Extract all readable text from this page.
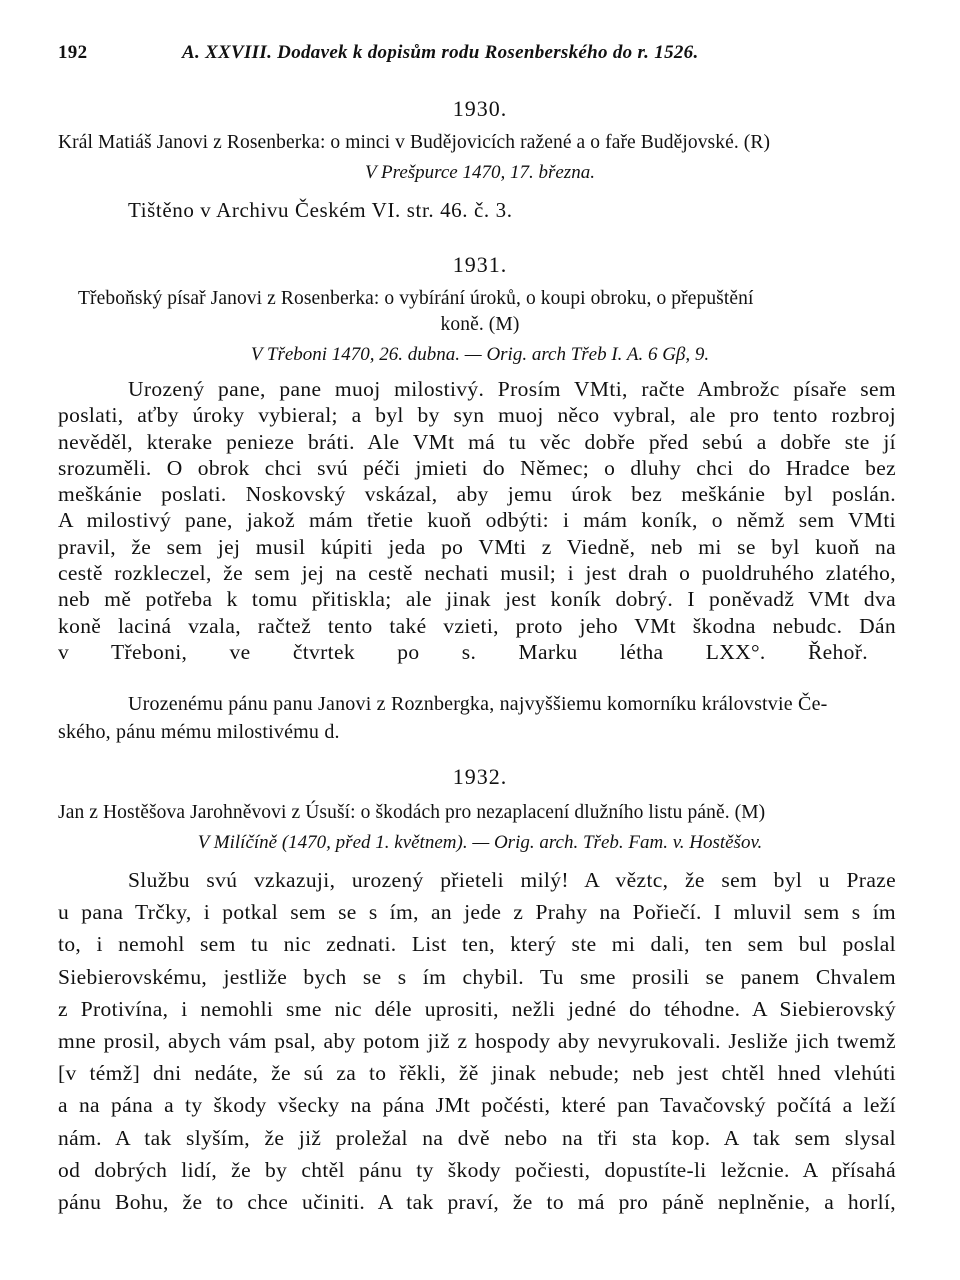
192	A. XXVIII. Dodavek k dopisům rodu Rosenberského do r. 1526.
1930.
Král Matiáš Janovi z Rosenberka: o minci v Budějovicích ražené a o faře Budějovské. (R)
V Prešpurce 1470, 17. března.
Tištěno v Archivu Českém VI. str. 46. č. 3.
1931.
Třeboňský písař Janovi z Rosenberka: o vybírání úroků, o koupi obroku, o přepuštění
koně. (M)
V Třeboni 1470, 26. dubna. — Orig. arch Třeb I. A. 6 Gβ, 9.
Urozený pane, pane muoj milostivý. Prosím VMti, račte Ambrožc písaře sem
poslati, aťby úroky vybieral; a byl by syn muoj něco vybral, ale pro tento rozbroj
nevěděl, kterake penieze bráti. Ale VMt má tu věc dobře před sebú a dobře ste jí
srozuměli. O obrok chci svú péči jmieti do Němec; o dluhy chci do Hradce bez
meškánie poslati. Noskovský vskázal, aby jemu úrok bez meškánie byl poslán.
A milostivý pane, jakož mám třetie kuoň odbýti: i mám koník, o němž sem VMti
pravil, že sem jej musil kúpiti jeda po VMti z Viedně, neb mi se byl kuoň na
cestě rozkleczel, že sem jej na cestě nechati musil; i jest drah o puoldruhého zlatého,
neb mě potřeba k tomu přitiskla; ale jinak jest koník dobrý. I poněvadž VMt dva
koně laciná vzala, račtež tento také vzieti, proto jeho VMt škodna nebudc. Dán
v Třeboni, ve čtvrtek po s. Marku létha LXX°. Řehoř.
Urozenému pánu panu Janovi z Roznbergka, najvyššiemu komorníku královstvie Če-
ského, pánu mému milostivému d.
1932.
Jan z Hostěšova Jarohněvovi z Úsuší: o škodách pro nezaplacení dlužního listu páně. (M)
V Milíčíně (1470, před 1. květnem). — Orig. arch. Třeb. Fam. v. Hostěšov.
Službu svú vzkazuji, urozený přieteli milý! A věztc, že sem byl u Praze
u pana Trčky, i potkal sem se s ím, an jede z Prahy na Pořiečí. I mluvil sem s ím
to, i nemohl sem tu nic zednati. List ten, který ste mi dali, ten sem bul poslal
Siebierovskému, jestliže bych se s ím chybil. Tu sme prosili se panem Chvalem
z Protivína, i nemohli sme nic déle uprositi, nežli jedné do téhodne. A Siebierovský
mne prosil, abych vám psal, aby potom již z hospody aby nevyrukovali. Jesliže jich twemž
[v témž] dni nedáte, že sú za to řěkli, žě jinak nebude; neb jest chtěl hned vlehúti
a na pána a ty škody všecky na pána JMt počésti, které pan Tavačovský počítá a leží
nám. A tak slyším, že již proležal na dvě nebo na tři sta kop. A tak sem slysal
od dobrých lidí, že by chtěl pánu ty škody počiesti, dopustíte-li ležcnie. A přísahá
pánu Bohu, že to chce učiniti. A tak praví, že to má pro páně neplněnie, a horlí,
